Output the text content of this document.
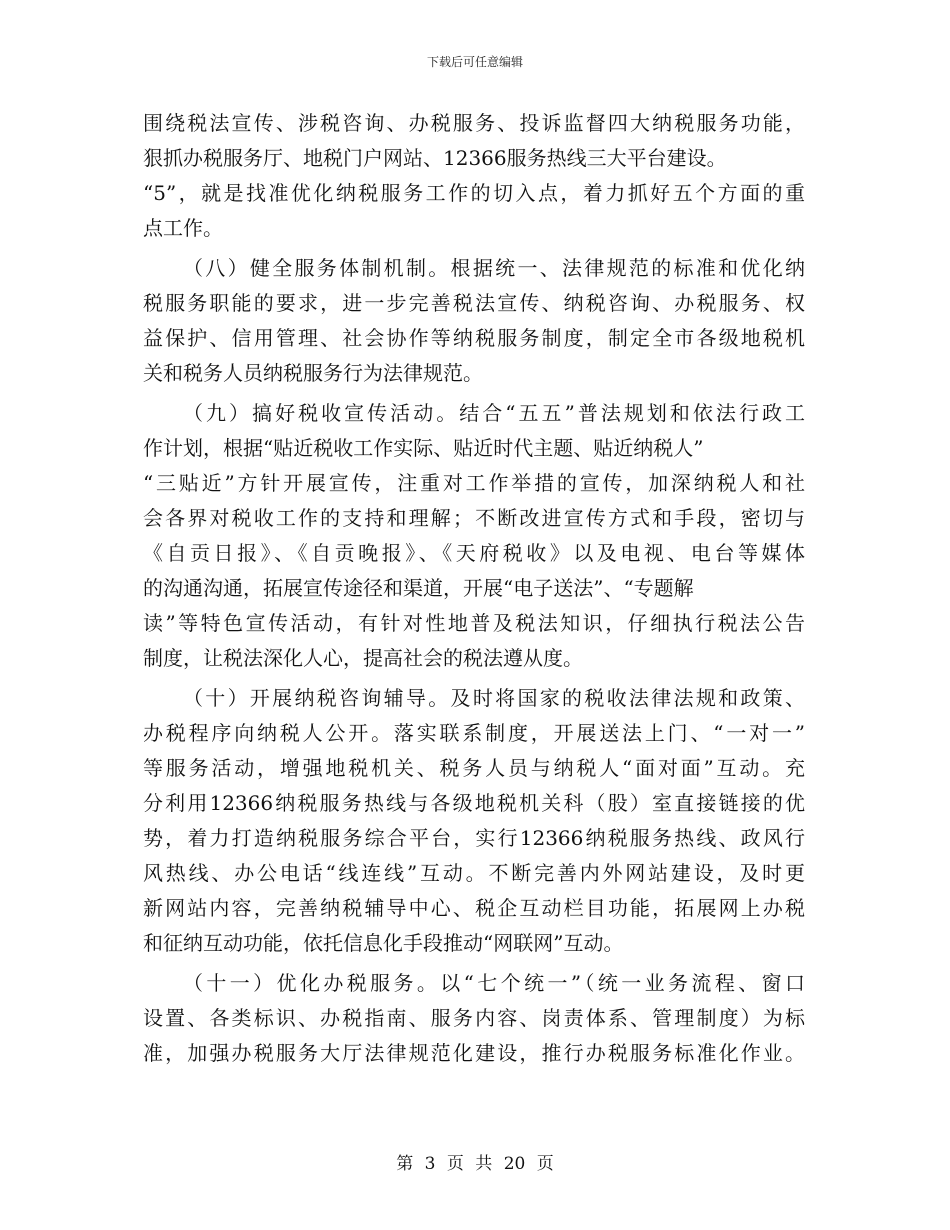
下载后可任意编辑
围绕税法宣传、涉税咨询、办税服务、投诉监督四大纳税服务功能，
狠抓办税服务厅、地税门户网站、12366服务热线三大平台建设。
“5”，就是找准优化纳税服务工作的切入点，着力抓好五个方面的重
点工作。
（八）健全服务体制机制。根据统一、法律规范的标准和优化纳
税服务职能的要求，进一步完善税法宣传、纳税咨询、办税服务、权
益保护、信用管理、社会协作等纳税服务制度，制定全市各级地税机
关和税务人员纳税服务行为法律规范。
（九）搞好税收宣传活动。结合“五五”普法规划和依法行政工
作计划，根据“贴近税收工作实际、贴近时代主题、贴近纳税人”
“三贴近”方针开展宣传，注重对工作举措的宣传，加深纳税人和社
会各界对税收工作的支持和理解；不断改进宣传方式和手段，密切与
《自贡日报》、《自贡晚报》、《天府税收》以及电视、电台等媒体
的沟通沟通，拓展宣传途径和渠道，开展“电子送法”、“专题解
读”等特色宣传活动，有针对性地普及税法知识，仔细执行税法公告
制度，让税法深化人心，提高社会的税法遵从度。
（十）开展纳税咨询辅导。及时将国家的税收法律法规和政策、
办税程序向纳税人公开。落实联系制度，开展送法上门、“一对一”
等服务活动，增强地税机关、税务人员与纳税人“面对面”互动。充
分利用12366纳税服务热线与各级地税机关科（股）室直接链接的优
势，着力打造纳税服务综合平台，实行12366纳税服务热线、政风行
风热线、办公电话“线连线”互动。不断完善内外网站建设，及时更
新网站内容，完善纳税辅导中心、税企互动栏目功能，拓展网上办税
和征纳互动功能，依托信息化手段推动“网联网”互动。
（十一）优化办税服务。以“七个统一”（统一业务流程、窗口
设置、各类标识、办税指南、服务内容、岗责体系、管理制度）为标
准，加强办税服务大厅法律规范化建设，推行办税服务标准化作业。
第 3 页 共 20 页
